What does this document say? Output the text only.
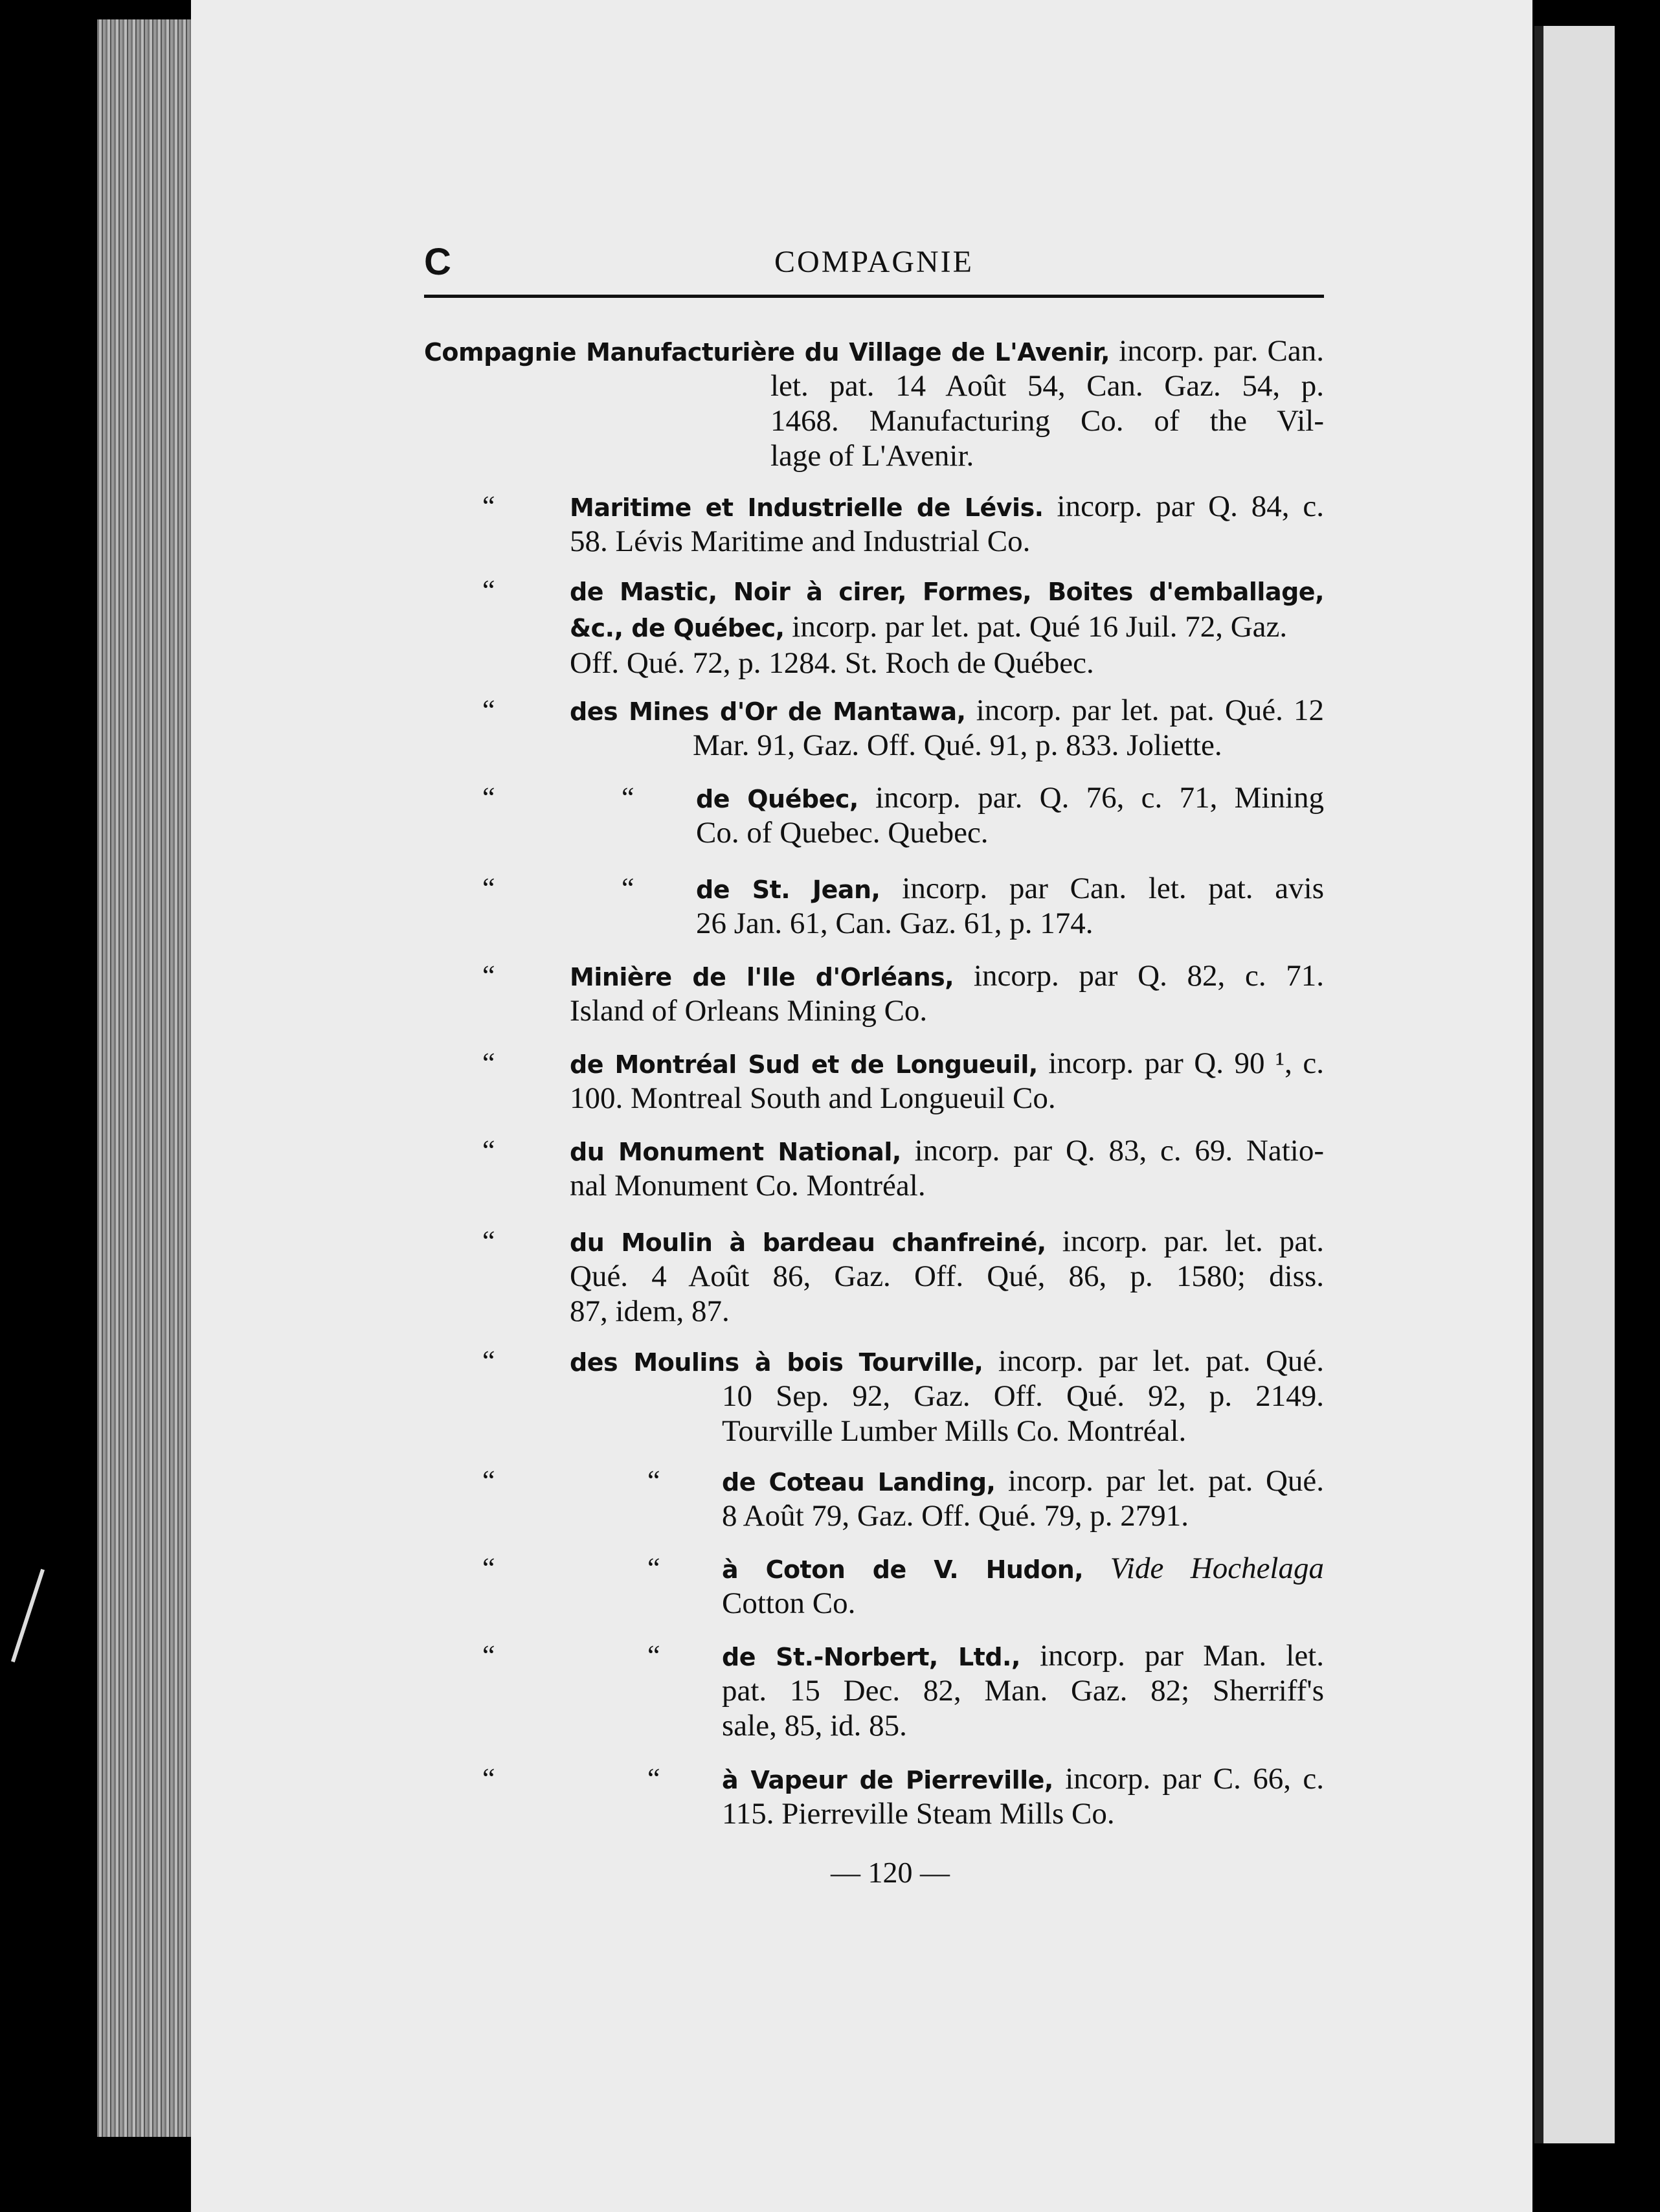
C	COMPAGNIE
Compagnie Manufacturière du Village de L'Avenir, incorp. par. Can.
let. pat. 14 Août 54, Can. Gaz. 54, p.
1468. Manufacturing Co. of the Vil-
lage of L'Avenir.
“	Maritime et Industrielle de Lévis. incorp. par Q. 84, c.
58. Lévis Maritime and Industrial Co.
“	de Mastic, Noir à cirer, Formes, Boites d'emballage, &c., de Québec, incorp. par let. pat. Qué 16 Juil. 72, Gaz.
Off. Qué. 72, p. 1284. St. Roch de Québec.
“	des Mines d'Or de Mantawa, incorp. par let. pat. Qué. 12
Mar. 91, Gaz. Off. Qué. 91, p. 833. Joliette.
“	“	de Québec, incorp. par. Q. 76, c. 71, Mining
Co. of Quebec. Quebec.
“	“	de St. Jean, incorp. par Can. let. pat. avis
26 Jan. 61, Can. Gaz. 61, p. 174.
“	Minière de l'Ile d'Orléans, incorp. par Q. 82, c. 71.
Island of Orleans Mining Co.
“	de Montréal Sud et de Longueuil, incorp. par Q. 90 ¹, c.
100. Montreal South and Longueuil Co.
“	du Monument National, incorp. par Q. 83, c. 69. Natio-
nal Monument Co. Montréal.
“	du Moulin à bardeau chanfreiné, incorp. par. let. pat.
Qué. 4 Août 86, Gaz. Off. Qué, 86, p. 1580; diss.
87, idem, 87.
“	des Moulins à bois Tourville, incorp. par let. pat. Qué.
10 Sep. 92, Gaz. Off. Qué. 92, p. 2149.
Tourville Lumber Mills Co. Montréal.
“	“	de Coteau Landing, incorp. par let. pat. Qué.
8 Août 79, Gaz. Off. Qué. 79, p. 2791.
“	“	à Coton de V. Hudon, Vide Hochelaga
Cotton Co.
“	“	de St.-Norbert, Ltd., incorp. par Man. let.
pat. 15 Dec. 82, Man. Gaz. 82; Sherriff's
sale, 85, id. 85.
“	“	à Vapeur de Pierreville, incorp. par C. 66, c.
115. Pierreville Steam Mills Co.
— 120 —
